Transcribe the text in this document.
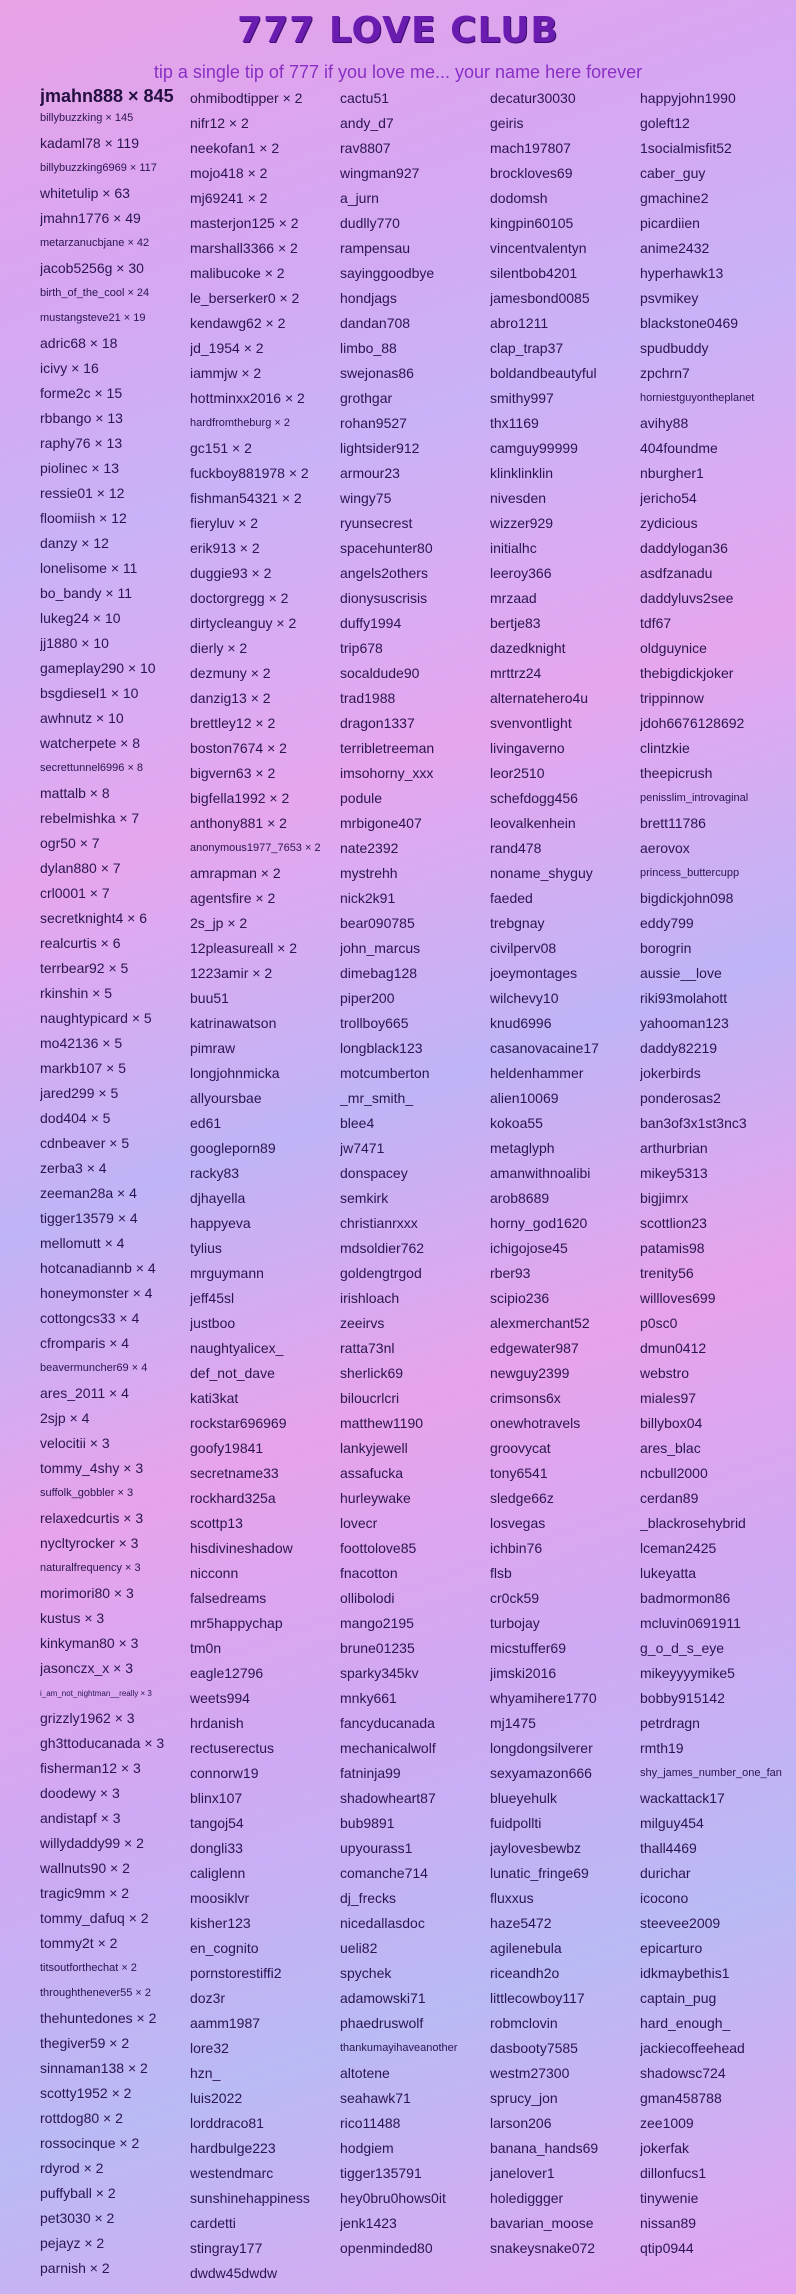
777 LOVE CLUB
tip a single tip of 777 if you love me... your name here forever
jmahn888 × 845
billybuzzking × 145
kadaml78 × 119
billybuzzking6969 × 117
whitetulip × 63
jmahn1776 × 49
metarzanucbjane × 42
jacob5256g × 30
birth_of_the_cool × 24
mustangsteve21 × 19
adric68 × 18
icivy × 16
forme2c × 15
rbbango × 13
raphy76 × 13
piolinec × 13
ressie01 × 12
floomiish × 12
danzy × 12
lonelisome × 11
bo_bandy × 11
lukeg24 × 10
jj1880 × 10
gameplay290 × 10
bsgdiesel1 × 10
awhnutz × 10
watcherpete × 8
secrettunnel6996 × 8
mattalb × 8
rebelmishka × 7
ogr50 × 7
dylan880 × 7
crl0001 × 7
secretknight4 × 6
realcurtis × 6
terrbear92 × 5
rkinshin × 5
naughtypicard × 5
mo42136 × 5
markb107 × 5
jared299 × 5
dod404 × 5
cdnbeaver × 5
zerba3 × 4
zeeman28a × 4
tigger13579 × 4
mellomutt × 4
hotcanadiannb × 4
honeymonster × 4
cottongcs33 × 4
cfromparis × 4
beavermuncher69 × 4
ares_2011 × 4
2sjp × 4
velocitii × 3
tommy_4shy × 3
suffolk_gobbler × 3
relaxedcurtis × 3
nycltyrocker × 3
naturalfrequency × 3
morimori80 × 3
kustus × 3
kinkyman80 × 3
jasonczx_x × 3
i_am_not_nightman__really × 3
grizzly1962 × 3
gh3ttoducanada × 3
fisherman12 × 3
doodewy × 3
andistapf × 3
willydaddy99 × 2
wallnuts90 × 2
tragic9mm × 2
tommy_dafuq × 2
tommy2t × 2
titsoutforthechat × 2
throughthenever55 × 2
thehuntedones × 2
thegiver59 × 2
sinnaman138 × 2
scotty1952 × 2
rottdog80 × 2
rossocinque × 2
rdyrod × 2
puffyball × 2
pet3030 × 2
pejayz × 2
parnish × 2
ohmibodtipper × 2
nifr12 × 2
neekofan1 × 2
mojo418 × 2
mj69241 × 2
masterjon125 × 2
marshall3366 × 2
malibucoke × 2
le_berserker0 × 2
kendawg62 × 2
jd_1954 × 2
iammjw × 2
hottminxx2016 × 2
hardfromtheburg × 2
gc151 × 2
fuckboy881978 × 2
fishman54321 × 2
fieryluv × 2
erik913 × 2
duggie93 × 2
doctorgregg × 2
dirtycleanguy × 2
dierly × 2
dezmuny × 2
danzig13 × 2
brettley12 × 2
boston7674 × 2
bigvern63 × 2
bigfella1992 × 2
anthony881 × 2
anonymous1977_7653 × 2
amrapman × 2
agentsfire × 2
2s_jp × 2
12pleasureall × 2
1223amir × 2
buu51
katrinawatson
pimraw
longjohnmicka
allyoursbae
ed61
googleporn89
racky83
djhayella
happyeva
tylius
mrguymann
jeff45sl
justboo
naughtyalicex_
def_not_dave
kati3kat
rockstar696969
goofy19841
secretname33
rockhard325a
scottp13
hisdivineshadow
nicconn
falsedreams
mr5happychap
tm0n
eagle12796
weets994
hrdanish
rectuserectus
connorw19
blinx107
tangoj54
dongli33
caliglenn
moosiklvr
kisher123
en_cognito
pornstorestiffi2
doz3r
aamm1987
lore32
hzn_
luis2022
lorddraco81
hardbulge223
westendmarc
sunshinehappiness
cardetti
stingray177
dwdw45dwdw
cactu51
andy_d7
rav8807
wingman927
a_jurn
dudlly770
rampensau
sayinggoodbye
hondjags
dandan708
limbo_88
swejonas86
grothgar
rohan9527
lightsider912
armour23
wingy75
ryunsecrest
spacehunter80
angels2others
dionysuscrisis
duffy1994
trip678
socaldude90
trad1988
dragon1337
terribletreeman
imsohorny_xxx
podule
mrbigone407
nate2392
mystrehh
nick2k91
bear090785
john_marcus
dimebag128
piper200
trollboy665
longblack123
motcumberton
_mr_smith_
blee4
jw7471
donspacey
semkirk
christianrxxx
mdsoldier762
goldengtrgod
irishloach
zeeirvs
ratta73nl
sherlick69
biloucrlcri
matthew1190
lankyjewell
assafucka
hurleywake
lovecr
foottolove85
fnacotton
ollibolodi
mango2195
brune01235
sparky345kv
mnky661
fancyducanada
mechanicalwolf
fatninja99
shadowheart87
bub9891
upyourass1
comanche714
dj_frecks
nicedallasdoc
ueli82
spychek
adamowski71
phaedruswolf
thankumayihaveanother
altotene
seahawk71
rico11488
hodgiem
tigger135791
hey0bru0hows0it
jenk1423
openminded80
decatur30030
geiris
mach197807
brockloves69
dodomsh
kingpin60105
vincentvalentyn
silentbob4201
jamesbond0085
abro1211
clap_trap37
boldandbeautyful
smithy997
thx1169
camguy99999
klinklinklin
nivesden
wizzer929
initialhc
leeroy366
mrzaad
bertje83
dazedknight
mrttrz24
alternatehero4u
svenvontlight
livingaverno
leor2510
schefdogg456
leovalkenhein
rand478
noname_shyguy
faeded
trebgnay
civilperv08
joeymontages
wilchevy10
knud6996
casanovacaine17
heldenhammer
alien10069
kokoa55
metaglyph
amanwithnoalibi
arob8689
horny_god1620
ichigojose45
rber93
scipio236
alexmerchant52
edgewater987
newguy2399
crimsons6x
onewhotravels
groovycat
tony6541
sledge66z
losvegas
ichbin76
flsb
cr0ck59
turbojay
micstuffer69
jimski2016
whyamihere1770
mj1475
longdongsilverer
sexyamazon666
blueyehulk
fuidpollti
jaylovesbewbz
lunatic_fringe69
fluxxus
haze5472
agilenebula
riceandh2o
littlecowboy117
robmclovin
dasbooty7585
westm27300
sprucy_jon
larson206
banana_hands69
janelover1
holediggger
bavarian_moose
snakeysnake072
happyjohn1990
goleft12
1socialmisfit52
caber_guy
gmachine2
picardiien
anime2432
hyperhawk13
psvmikey
blackstone0469
spudbuddy
zpchrn7
horniestguyontheplanet
avihy88
404foundme
nburgher1
jericho54
zydicious
daddylogan36
asdfzanadu
daddyluvs2see
tdf67
oldguynice
thebigdickjoker
trippinnow
jdoh6676128692
clintzkie
theepicrush
penisslim_introvaginal
brett11786
aerovox
princess_buttercupp
bigdickjohn098
eddy799
borogrin
aussie__love
riki93molahott
yahooman123
daddy82219
jokerbirds
ponderosas2
ban3of3x1st3nc3
arthurbrian
mikey5313
bigjimrx
scottlion23
patamis98
trenity56
willloves699
p0sc0
dmun0412
webstro
miales97
billybox04
ares_blac
ncbull2000
cerdan89
_blackrosehybrid
lceman2425
lukeyatta
badmormon86
mcluvin0691911
g_o_d_s_eye
mikeyyyymike5
bobby915142
petrdragn
rmth19
shy_james_number_one_fan
wackattack17
milguy454
thall4469
durichar
icocono
steevee2009
epicarturo
idkmaybethis1
captain_pug
hard_enough_
jackiecoffeehead
shadowsc724
gman458788
zee1009
jokerfak
dillonfucs1
tinywenie
nissan89
qtip0944
